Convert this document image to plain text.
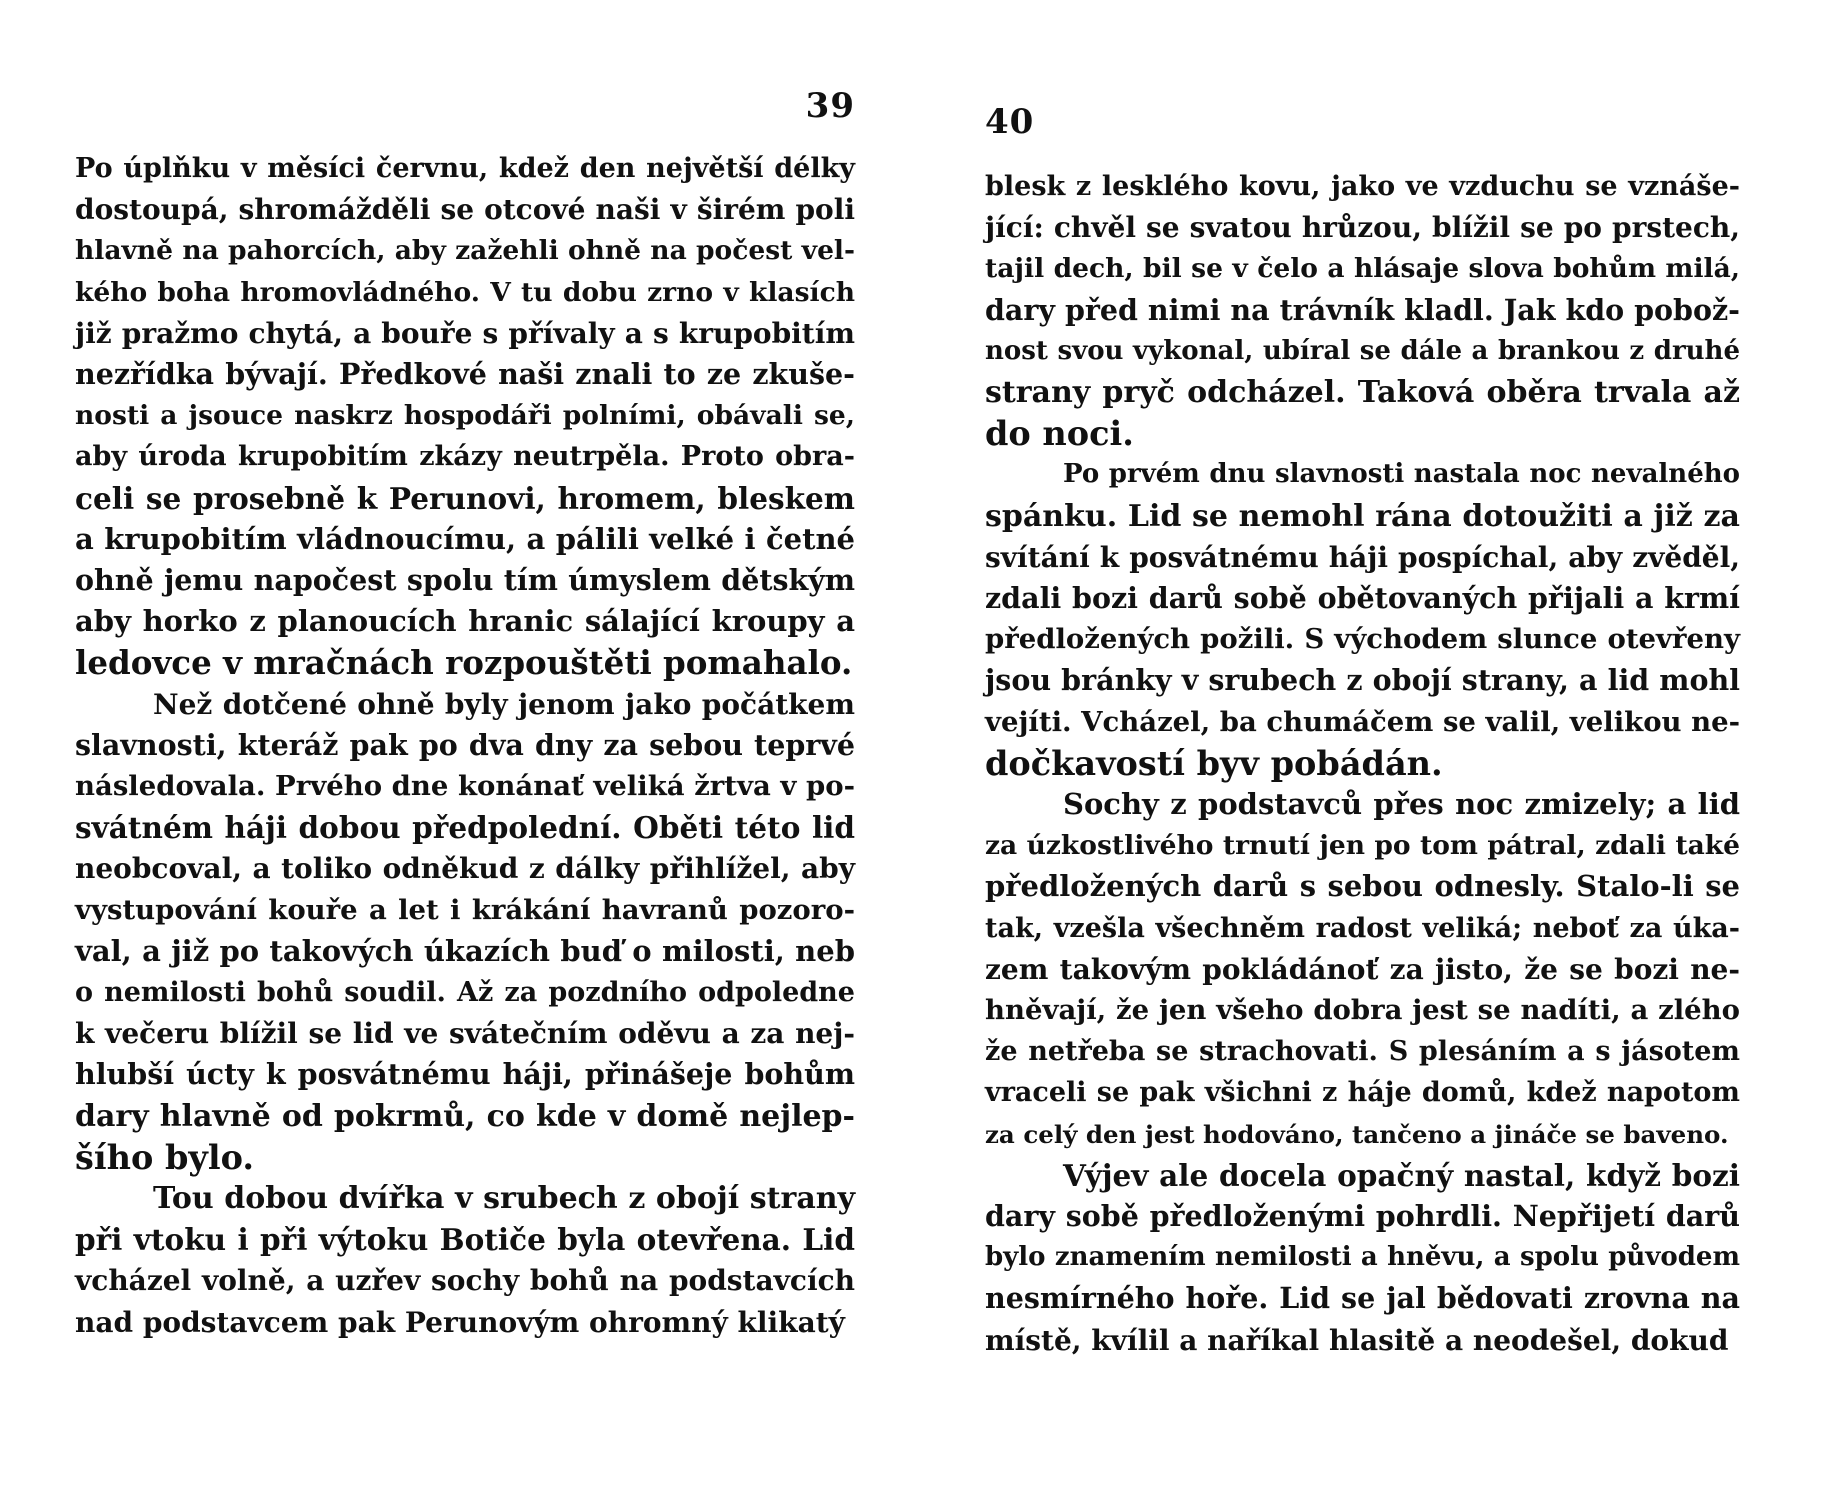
39

Po úplňku v měsíci červnu, kdež den největší délky
dostoupá, shromážděli se otcové naši v širém poli
hlavně na pahorcích, aby zažehli ohně na počest vel-
kého boha hromovládného. V tu dobu zrno v klasích
již pražmo chytá, a bouře s přívaly a s krupobitím
nezřídka bývají. Předkové naši znali to ze zkuše-
nosti a jsouce naskrz hospodáři polními, obávali se,
aby úroda krupobitím zkázy neutrpěla. Proto obra-
celi se prosebně k Perunovi, hromem, bleskem
a krupobitím vládnoucímu, a pálili velké i četné
ohně jemu napočest spolu tím úmyslem dětským
aby horko z planoucích hranic sálající kroupy a
ledovce v mračnách rozpouštěti pomahalo.

Než dotčené ohně byly jenom jako počátkem
slavnosti, kteráž pak po dva dny za sebou teprvé
následovala. Prvého dne konánať veliká žrtva v po-
svátném háji dobou předpolední. Oběti této lid
neobcoval, a toliko odněkud z dálky přihlížel, aby
vystupování kouře a let i krákání havranů pozoro-
val, a již po takových úkazích buď o milosti, neb
o nemilosti bohů soudil. Až za pozdního odpoledne
k večeru blížil se lid ve svátečním oděvu a za nej-
hlubší úcty k posvátnému háji, přinášeje bohům
dary hlavně od pokrmů, co kde v domě nejlep-
šího bylo.

Tou dobou dvířka v srubech z obojí strany
při vtoku i při výtoku Botiče byla otevřena. Lid
vcházel volně, a uzřev sochy bohů na podstavcích
nad podstavcem pak Perunovým ohromný klikatý

40

blesk z lesklého kovu, jako ve vzduchu se vznáše-
jící: chvěl se svatou hrůzou, blížil se po prstech,
tajil dech, bil se v čelo a hlásaje slova bohům milá,
dary před nimi na trávník kladl. Jak kdo pobož-
nost svou vykonal, ubíral se dále a brankou z druhé
strany pryč odcházel. Taková oběra trvala až
do noci.

Po prvém dnu slavnosti nastala noc nevalného
spánku. Lid se nemohl rána dotoužiti a již za
svítání k posvátnému háji pospíchal, aby zvěděl,
zdali bozi darů sobě obětovaných přijali a krmí
předložených požili. S východem slunce otevřeny
jsou bránky v srubech z obojí strany, a lid mohl
vejíti. Vcházel, ba chumáčem se valil, velikou ne-
dočkavostí byv pobádán.

Sochy z podstavců přes noc zmizely; a lid
za úzkostlivého trnutí jen po tom pátral, zdali také
předložených darů s sebou odnesly. Stalo-li se
tak, vzešla všechněm radost veliká; neboť za úka-
zem takovým pokládánoť za jisto, že se bozi ne-
hněvají, že jen všeho dobra jest se nadíti, a zlého
že netřeba se strachovati. S plesáním a s jásotem
vraceli se pak všichni z háje domů, kdež napotom
za celý den jest hodováno, tančeno a jináče se baveno.

Výjev ale docela opačný nastal, když bozi
dary sobě předloženými pohrdli. Nepřijetí darů
bylo znamením nemilosti a hněvu, a spolu původem
nesmírného hoře. Lid se jal bědovati zrovna na
místě, kvílil a naříkal hlasitě a neodešel, dokud
